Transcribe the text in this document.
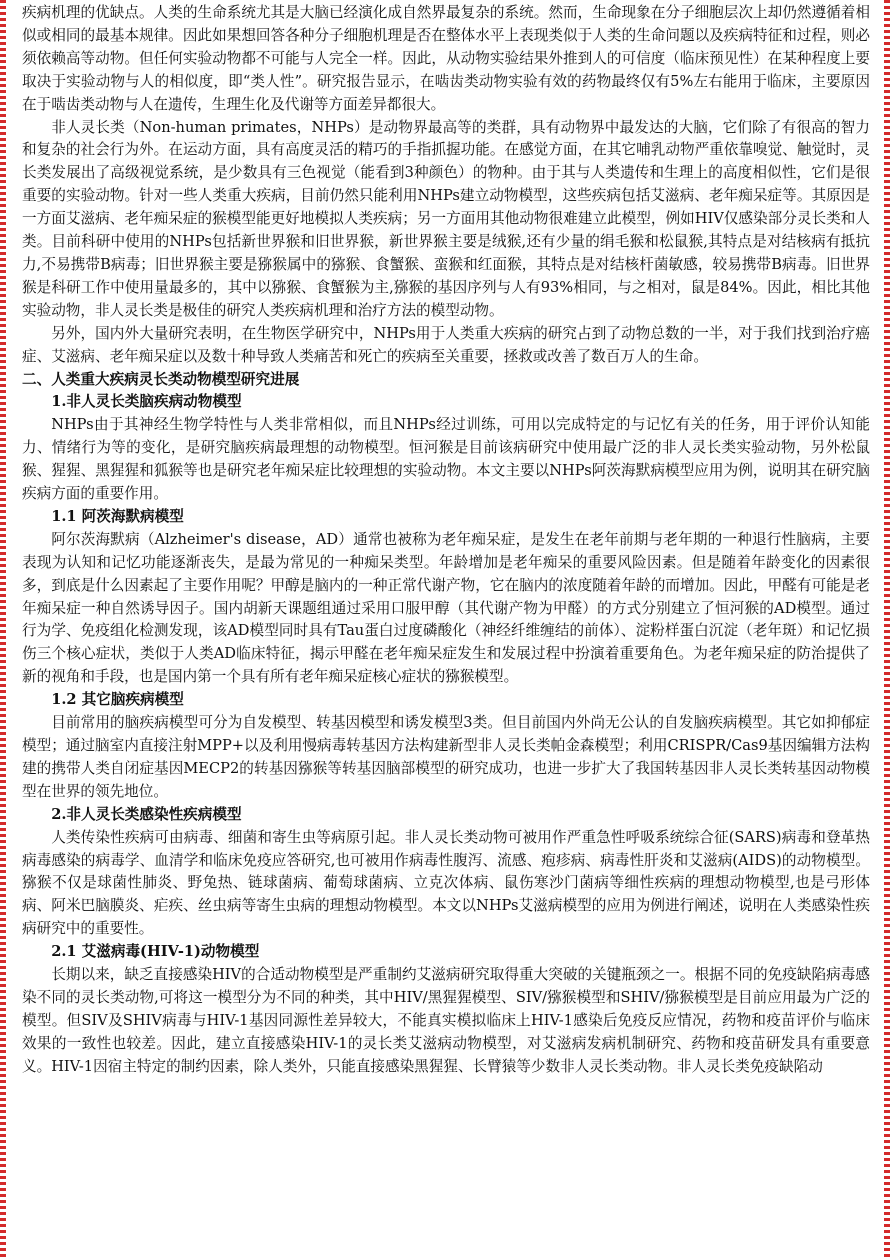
疾病机理的优缺点。人类的生命系统尤其是大脑已经演化成自然界最复杂的系统。然而，生命现象在分子细胞层次上却仍然遵循着相似或相同的最基本规律。因此如果想回答各种分子细胞机理是否在整体水平上表现类似于人类的生命问题以及疾病特征和过程，则必须依赖高等动物。但任何实验动物都不可能与人完全一样。因此，从动物实验结果外推到人的可信度（临床预见性）在某种程度上要取决于实验动物与人的相似度，即“类人性”。研究报告显示，在啮齿类动物实验有效的药物最终仅有5%左右能用于临床，主要原因在于啮齿类动物与人在遗传，生理生化及代谢等方面差异都很大。

非人灵长类（Non-human primates，NHPs）是动物界最高等的类群，具有动物界中最发达的大脑，它们除了有很高的智力和复杂的社会行为外。在运动方面，具有高度灵活的精巧的手指抓握功能。在感觉方面，在其它哺乳动物严重依靠嗅觉、触觉时，灵长类发展出了高级视觉系统，是少数具有三色视觉（能看到3种颜色）的物种。由于其与人类遗传和生理上的高度相似性，它们是很重要的实验动物。针对一些人类重大疾病，目前仍然只能利用NHPs建立动物模型，这些疾病包括艾滋病、老年痴呆症等。其原因是一方面艾滋病、老年痴呆症的猴模型能更好地模拟人类疾病；另一方面用其他动物很难建立此模型，例如HIV仅感染部分灵长类和人类。目前科研中使用的NHPs包括新世界猴和旧世界猴，新世界猴主要是绒猴,还有少量的绢毛猴和松鼠猴,其特点是对结核病有抵抗力,不易携带B病毒；旧世界猴主要是猕猴属中的猕猴、食蟹猴、蛮猴和红面猴，其特点是对结核杆菌敏感，较易携带B病毒。旧世界猴是科研工作中使用量最多的，其中以猕猴、食蟹猴为主,猕猴的基因序列与人有93%相同，与之相对，鼠是84%。因此，相比其他实验动物，非人灵长类是极佳的研究人类疾病机理和治疗方法的模型动物。

另外，国内外大量研究表明，在生物医学研究中，NHPs用于人类重大疾病的研究占到了动物总数的一半，对于我们找到治疗癌症、艾滋病、老年痴呆症以及数十种导致人类痛苦和死亡的疾病至关重要，拯救或改善了数百万人的生命。

二、人类重大疾病灵长类动物模型研究进展
1.非人灵长类脑疾病动物模型

NHPs由于其神经生物学特性与人类非常相似，而且NHPs经过训练，可用以完成特定的与记忆有关的任务，用于评价认知能力、情绪行为等的变化，是研究脑疾病最理想的动物模型。恒河猴是目前该病研究中使用最广泛的非人灵长类实验动物，另外松鼠猴、猩猩、黑猩猩和狐猴等也是研究老年痴呆症比较理想的实验动物。本文主要以NHPs阿茨海默病模型应用为例，说明其在研究脑疾病方面的重要作用。

1.1 阿茨海默病模型

阿尔茨海默病（Alzheimer's disease，AD）通常也被称为老年痴呆症，是发生在老年前期与老年期的一种退行性脑病，主要表现为认知和记忆功能逐渐丧失，是最为常见的一种痴呆类型。年龄增加是老年痴呆的重要风险因素。但是随着年龄变化的因素很多，到底是什么因素起了主要作用呢？甲醇是脑内的一种正常代谢产物，它在脑内的浓度随着年龄的而增加。因此，甲醛有可能是老年痴呆症一种自然诱导因子。国内胡新天课题组通过采用口服甲醇（其代谢产物为甲醛）的方式分别建立了恒河猴的AD模型。通过行为学、免疫组化检测发现，该AD模型同时具有Tau蛋白过度磷酸化（神经纤维缠结的前体）、淀粉样蛋白沉淀（老年斑）和记忆损伤三个核心症状，类似于人类AD临床特征，揭示甲醛在老年痴呆症发生和发展过程中扮演着重要角色。为老年痴呆症的防治提供了新的视角和手段，也是国内第一个具有所有老年痴呆症核心症状的猕猴模型。

1.2 其它脑疾病模型

目前常用的脑疾病模型可分为自发模型、转基因模型和诱发模型3类。但目前国内外尚无公认的自发脑疾病模型。其它如抑郁症模型；通过脑室内直接注射MPP+以及利用慢病毒转基因方法构建新型非人灵长类帕金森模型；利用CRISPR/Cas9基因编辑方法构建的携带人类自闭症基因MECP2的转基因猕猴等转基因脑部模型的研究成功，也进一步扩大了我国转基因非人灵长类转基因动物模型在世界的领先地位。

2.非人灵长类感染性疾病模型

人类传染性疾病可由病毒、细菌和寄生虫等病原引起。非人灵长类动物可被用作严重急性呼吸系统综合征(SARS)病毒和登革热病毒感染的病毒学、血清学和临床免疫应答研究,也可被用作病毒性腹泻、流感、疱疹病、病毒性肝炎和艾滋病(AIDS)的动物模型。猕猴不仅是球菌性肺炎、野兔热、链球菌病、葡萄球菌病、立克次体病、鼠伤寒沙门菌病等细性疾病的理想动物模型,也是弓形体病、阿米巴脑膜炎、疟疾、丝虫病等寄生虫病的理想动物模型。本文以NHPs艾滋病模型的应用为例进行阐述，说明在人类感染性疾病研究中的重要性。

2.1 艾滋病毒(HIV-1)动物模型

长期以来，缺乏直接感染HIV的合适动物模型是严重制约艾滋病研究取得重大突破的关键瓶颈之一。根据不同的免疫缺陷病毒感染不同的灵长类动物,可将这一模型分为不同的种类，其中HIV/黑猩猩模型、SIV/猕猴模型和SHIV/猕猴模型是目前应用最为广泛的模型。但SIV及SHIV病毒与HIV-1基因同源性差异较大，不能真实模拟临床上HIV-1感染后免疫反应情况，药物和疫苗评价与临床效果的一致性也较差。因此，建立直接感染HIV-1的灵长类艾滋病动物模型，对艾滋病发病机制研究、药物和疫苗研发具有重要意义。HIV-1因宿主特定的制约因素，除人类外，只能直接感染黑猩猩、长臂猿等少数非人灵长类动物。非人灵长类免疫缺陷动
